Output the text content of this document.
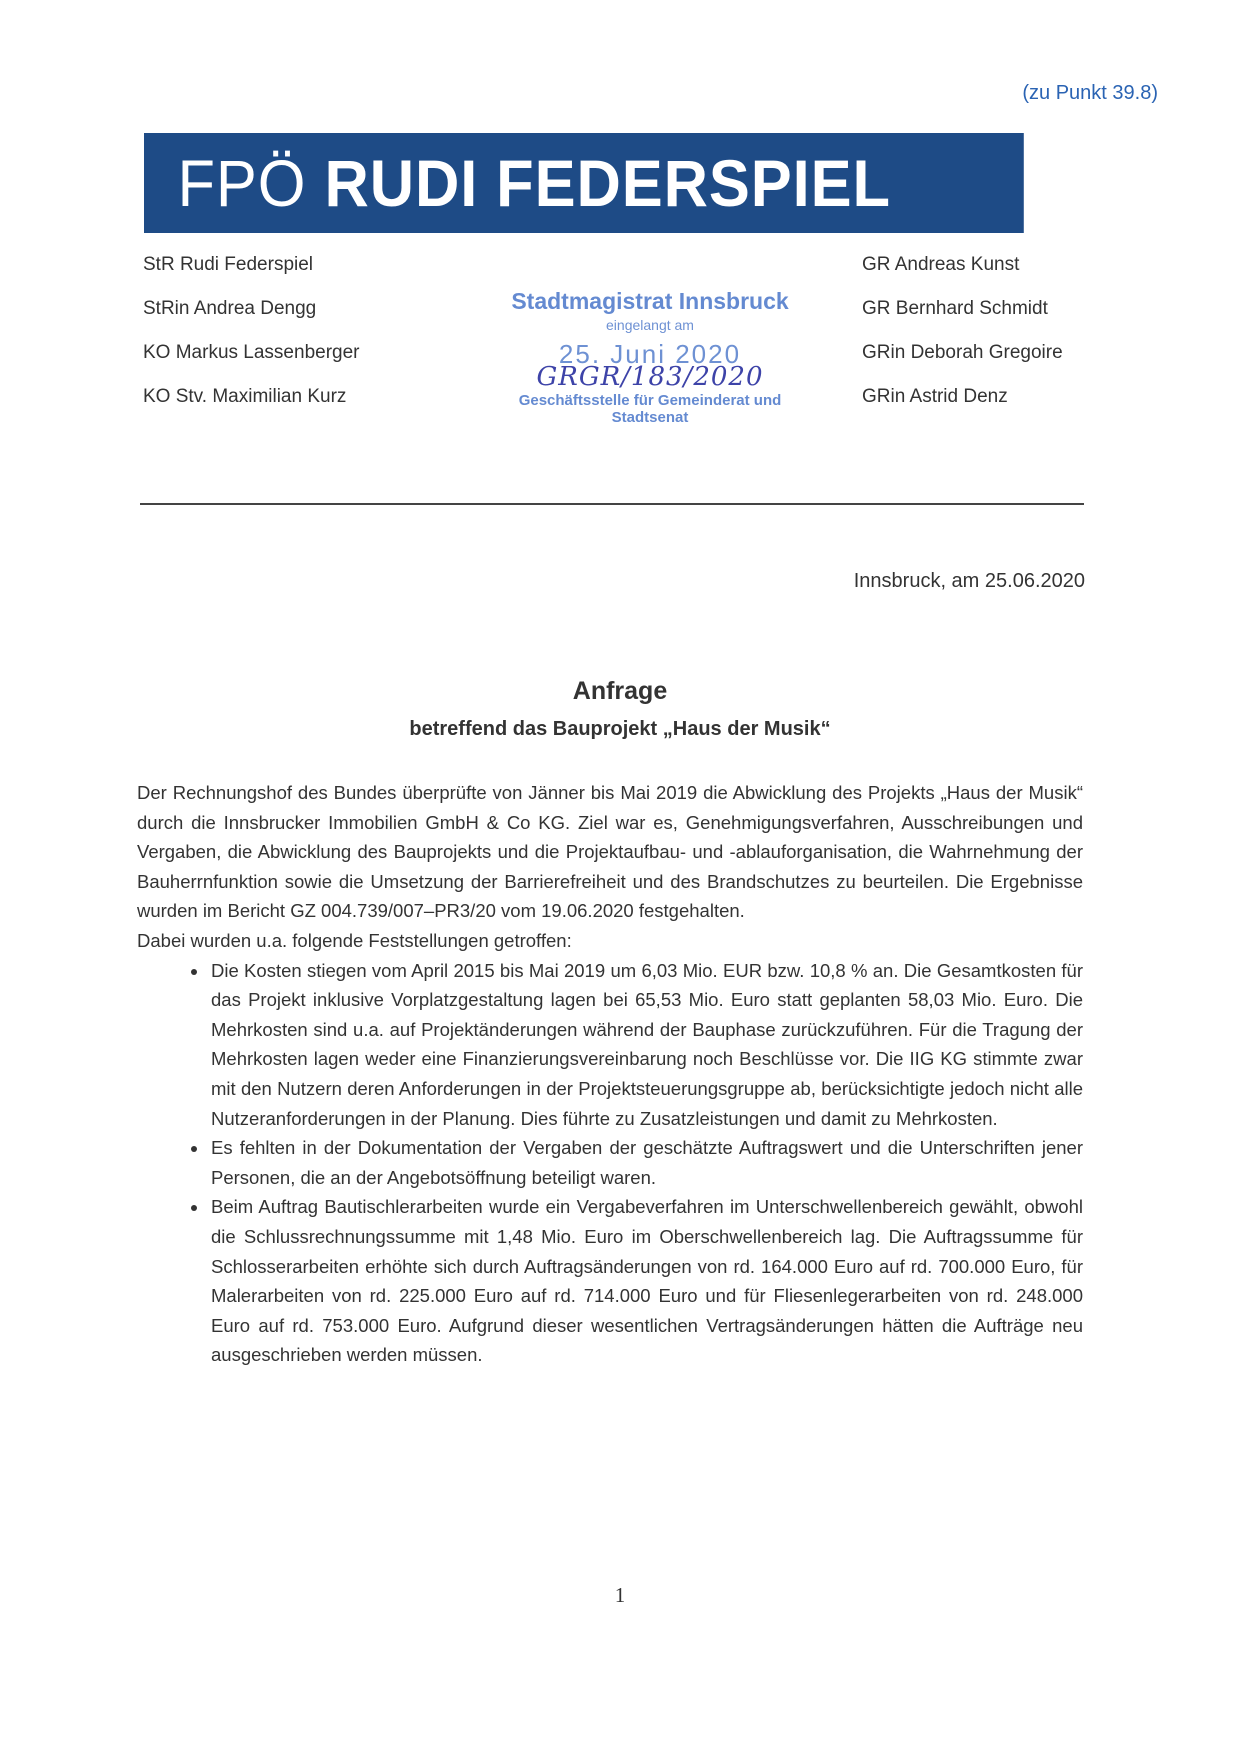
(zu Punkt 39.8)
FPÖ RUDI FEDERSPIEL
StR Rudi Federspiel
StRin Andrea Dengg
KO Markus Lassenberger
KO Stv. Maximilian Kurz
Stadtmagistrat Innsbruck
eingelangt am
25. Juni 2020
GRGR/183/2020
Geschäftsstelle für Gemeinderat und Stadtsenat
GR Andreas Kunst
GR Bernhard Schmidt
GRin Deborah Gregoire
GRin Astrid Denz
Innsbruck, am 25.06.2020
Anfrage
betreffend das Bauprojekt „Haus der Musik“

Der Rechnungshof des Bundes überprüfte von Jänner bis Mai 2019 die Abwicklung des Projekts „Haus der Musik“ durch die Innsbrucker Immobilien GmbH & Co KG. Ziel war es, Genehmigungsverfahren, Ausschreibungen und Vergaben, die Abwicklung des Bauprojekts und die Projektaufbau- und -ablauforganisation, die Wahrnehmung der Bauherrnfunktion sowie die Umsetzung der Barrierefreiheit und des Brandschutzes zu beurteilen. Die Ergebnisse wurden im Bericht GZ 004.739/007–PR3/20 vom 19.06.2020 festgehalten.

Dabei wurden u.a. folgende Feststellungen getroffen:

• Die Kosten stiegen vom April 2015 bis Mai 2019 um 6,03 Mio. EUR bzw. 10,8 % an. Die Gesamtkosten für das Projekt inklusive Vorplatzgestaltung lagen bei 65,53 Mio. Euro statt geplanten 58,03 Mio. Euro. Die Mehrkosten sind u.a. auf Projektänderungen während der Bauphase zurückzuführen. Für die Tragung der Mehrkosten lagen weder eine Finanzierungsvereinbarung noch Beschlüsse vor. Die IIG KG stimmte zwar mit den Nutzern deren Anforderungen in der Projektsteuerungsgruppe ab, berücksichtigte jedoch nicht alle Nutzeranforderungen in der Planung. Dies führte zu Zusatzleistungen und damit zu Mehrkosten.
• Es fehlten in der Dokumentation der Vergaben der geschätzte Auftragswert und die Unterschriften jener Personen, die an der Angebotsöffnung beteiligt waren.
• Beim Auftrag Bautischlerarbeiten wurde ein Vergabeverfahren im Unterschwellenbereich gewählt, obwohl die Schlussrechnungssumme mit 1,48 Mio. Euro im Oberschwellenbereich lag. Die Auftragssumme für Schlosserarbeiten erhöhte sich durch Auftragsänderungen von rd. 164.000 Euro auf rd. 700.000 Euro, für Malerarbeiten von rd. 225.000 Euro auf rd. 714.000 Euro und für Fliesenlegerarbeiten von rd. 248.000 Euro auf rd. 753.000 Euro. Aufgrund dieser wesentlichen Vertragsänderungen hätten die Aufträge neu ausgeschrieben werden müssen.
1
